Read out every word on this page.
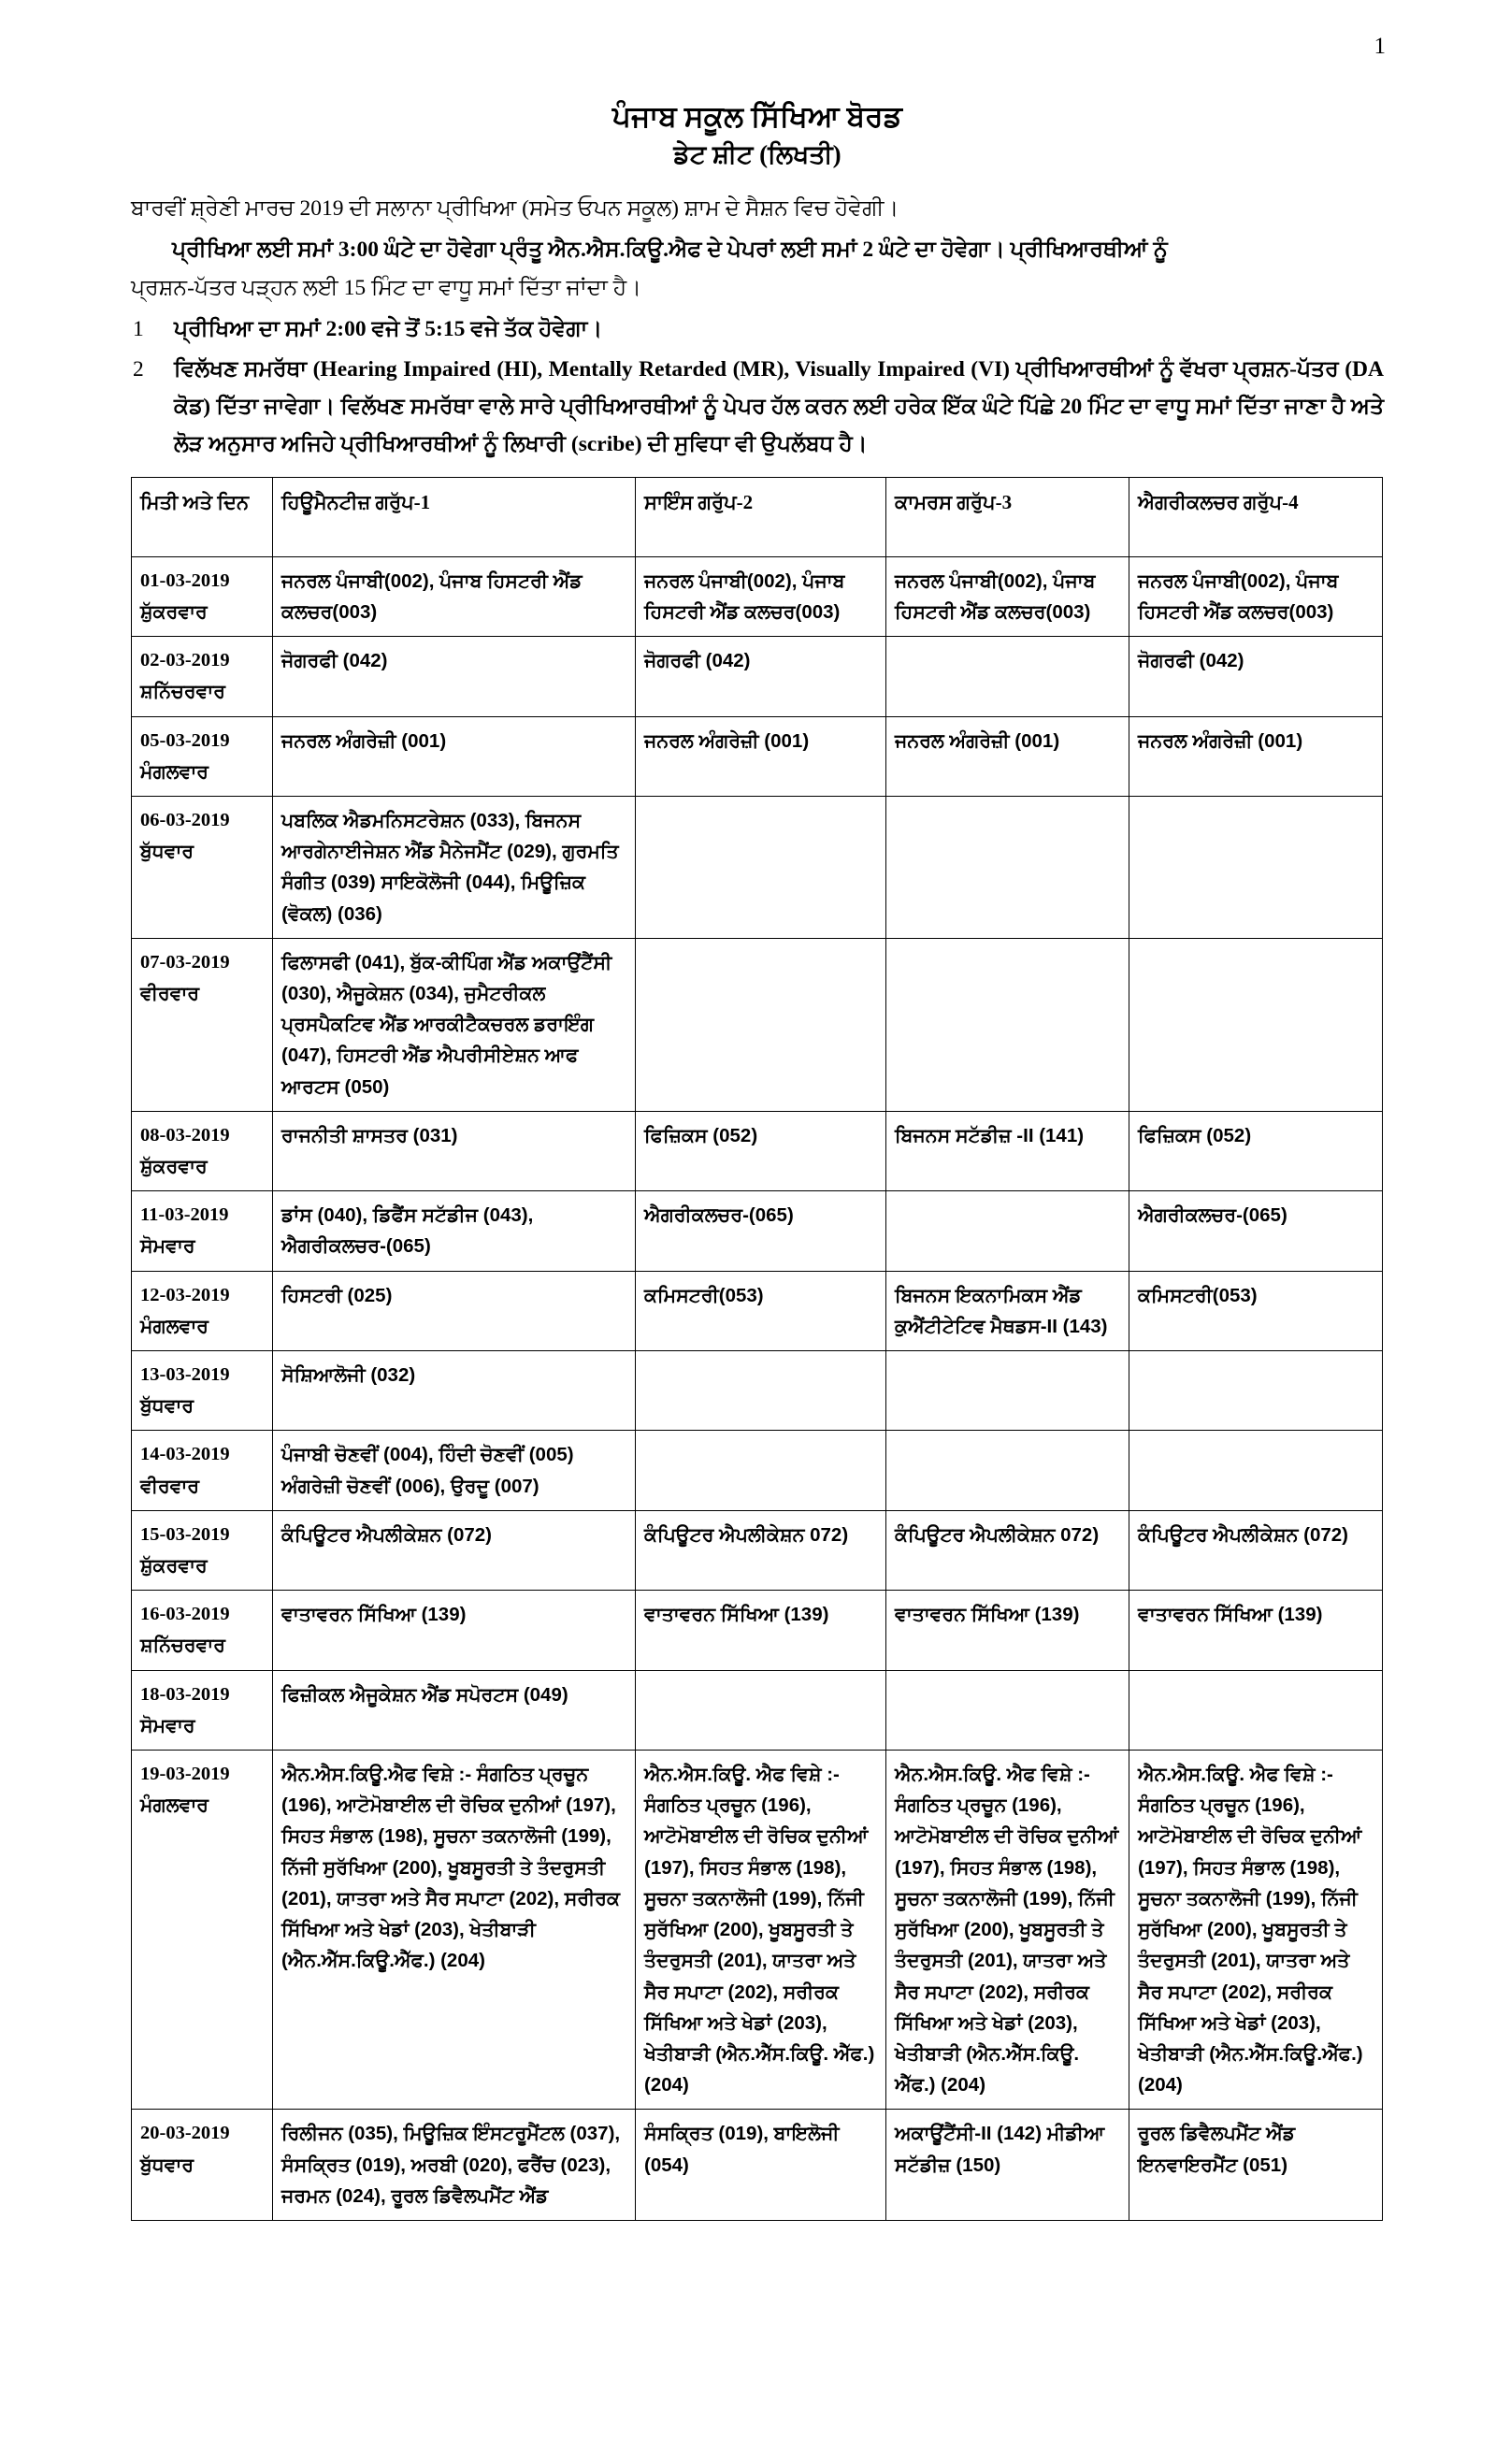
1
ਪੰਜਾਬ ਸਕੂਲ ਸਿੱਖਿਆ ਬੋਰਡ
ਡੇਟ ਸ਼ੀਟ (ਲਿਖਤੀ)

ਬਾਰਵੀਂ ਸ਼੍ਰੇਣੀ ਮਾਰਚ 2019 ਦੀ ਸਲਾਨਾ ਪ੍ਰੀਖਿਆ (ਸਮੇਤ ਓਪਨ ਸਕੂਲ) ਸ਼ਾਮ ਦੇ ਸੈਸ਼ਨ ਵਿਚ ਹੋਵੇਗੀ।

ਪ੍ਰੀਖਿਆ ਲਈ ਸਮਾਂ 3:00 ਘੰਟੇ ਦਾ ਹੋਵੇਗਾ ਪ੍ਰੰਤੂ ਐਨ.ਐਸ.ਕਿਊ.ਐਫ ਦੇ ਪੇਪਰਾਂ ਲਈ ਸਮਾਂ 2 ਘੰਟੇ ਦਾ ਹੋਵੇਗਾ। ਪ੍ਰੀਖਿਆਰਥੀਆਂ ਨੂੰ

ਪ੍ਰਸ਼ਨ-ਪੱਤਰ ਪੜ੍ਹਨ ਲਈ 15 ਮਿੰਟ ਦਾ ਵਾਧੂ ਸਮਾਂ ਦਿੱਤਾ ਜਾਂਦਾ ਹੈ।

1 ਪ੍ਰੀਖਿਆ ਦਾ ਸਮਾਂ 2:00 ਵਜੇ ਤੋਂ 5:15 ਵਜੇ ਤੱਕ ਹੋਵੇਗਾ।
2 ਵਿਲੱਖਣ ਸਮਰੱਥਾ (Hearing Impaired (HI), Mentally Retarded (MR), Visually Impaired (VI) ਪ੍ਰੀਖਿਆਰਥੀਆਂ ਨੂੰ ਵੱਖਰਾ ਪ੍ਰਸ਼ਨ-ਪੱਤਰ (DA ਕੋਡ) ਦਿੱਤਾ ਜਾਵੇਗਾ। ਵਿਲੱਖਣ ਸਮਰੱਥਾ ਵਾਲੇ ਸਾਰੇ ਪ੍ਰੀਖਿਆਰਥੀਆਂ ਨੂੰ ਪੇਪਰ ਹੱਲ ਕਰਨ ਲਈ ਹਰੇਕ ਇੱਕ ਘੰਟੇ ਪਿੱਛੇ 20 ਮਿੰਟ ਦਾ ਵਾਧੂ ਸਮਾਂ ਦਿੱਤਾ ਜਾਣਾ ਹੈ ਅਤੇ ਲੋੜ ਅਨੁਸਾਰ ਅਜਿਹੇ ਪ੍ਰੀਖਿਆਰਥੀਆਂ ਨੂੰ ਲਿਖਾਰੀ (scribe) ਦੀ ਸੁਵਿਧਾ ਵੀ ਉਪਲੱਬਧ ਹੈ।
ਮਿਤੀ ਅਤੇ ਦਿਨ	ਹਿਊਮੈਨਟੀਜ਼ ਗਰੁੱਪ-1	ਸਾਇੰਸ ਗਰੁੱਪ-2	ਕਾਮਰਸ ਗਰੁੱਪ-3	ਐਗਰੀਕਲਚਰ ਗਰੁੱਪ-4
01-03-2019
ਸ਼ੁੱਕਰਵਾਰ	ਜਨਰਲ ਪੰਜਾਬੀ(002), ਪੰਜਾਬ ਹਿਸਟਰੀ ਐਂਡ ਕਲਚਰ(003)	ਜਨਰਲ ਪੰਜਾਬੀ(002), ਪੰਜਾਬ ਹਿਸਟਰੀ ਐਂਡ ਕਲਚਰ(003)	ਜਨਰਲ ਪੰਜਾਬੀ(002), ਪੰਜਾਬ ਹਿਸਟਰੀ ਐਂਡ ਕਲਚਰ(003)	ਜਨਰਲ ਪੰਜਾਬੀ(002), ਪੰਜਾਬ ਹਿਸਟਰੀ ਐਂਡ ਕਲਚਰ(003)
02-03-2019
ਸ਼ਨਿੱਚਰਵਾਰ	ਜੋਗਰਫੀ (042)	ਜੋਗਰਫੀ (042)		ਜੋਗਰਫੀ (042)
05-03-2019
ਮੰਗਲਵਾਰ	ਜਨਰਲ ਅੰਗਰੇਜ਼ੀ (001)	ਜਨਰਲ ਅੰਗਰੇਜ਼ੀ (001)	ਜਨਰਲ ਅੰਗਰੇਜ਼ੀ (001)	ਜਨਰਲ ਅੰਗਰੇਜ਼ੀ (001)
06-03-2019
ਬੁੱਧਵਾਰ	ਪਬਲਿਕ ਐਡਮਨਿਸਟਰੇਸ਼ਨ (033), ਬਿਜਨਸ ਆਰਗੇਨਾਈਜੇਸ਼ਨ ਐਂਡ ਮੈਨੇਜਮੈਂਟ (029), ਗੁਰਮਤਿ ਸੰਗੀਤ (039) ਸਾਇਕੋਲੋਜੀ (044), ਮਿਊਜ਼ਿਕ (ਵੋਕਲ) (036)			
07-03-2019
ਵੀਰਵਾਰ	ਫਿਲਾਸਫੀ (041), ਬੁੱਕ-ਕੀਪਿੰਗ ਐਂਡ ਅਕਾਉਂਟੈਂਸੀ (030), ਐਜੂਕੇਸ਼ਨ (034), ਜੁਮੈਟਰੀਕਲ ਪ੍ਰਸਪੈਕਟਿਵ ਐਂਡ ਆਰਕੀਟੈਕਚਰਲ ਡਰਾਇੰਗ (047), ਹਿਸਟਰੀ ਐਂਡ ਐਪਰੀਸੀਏਸ਼ਨ ਆਫ ਆਰਟਸ (050)			
08-03-2019
ਸ਼ੁੱਕਰਵਾਰ	ਰਾਜਨੀਤੀ ਸ਼ਾਸਤਰ (031)	ਫਿਜ਼ਿਕਸ (052)	ਬਿਜਨਸ ਸਟੱਡੀਜ਼ -II (141)	ਫਿਜ਼ਿਕਸ (052)
11-03-2019
ਸੋਮਵਾਰ	ਡਾਂਸ (040), ਡਿਫੈਂਸ ਸਟੱਡੀਜ (043), ਐਗਰੀਕਲਚਰ-(065)	ਐਗਰੀਕਲਚਰ-(065)		ਐਗਰੀਕਲਚਰ-(065)
12-03-2019
ਮੰਗਲਵਾਰ	ਹਿਸਟਰੀ (025)	ਕਮਿਸਟਰੀ(053)	ਬਿਜਨਸ ਇਕਨਾਮਿਕਸ ਐਂਡ ਕੁਐਂਟੀਟੇਟਿਵ ਮੈਥਡਸ-II (143)	ਕਮਿਸਟਰੀ(053)
13-03-2019
ਬੁੱਧਵਾਰ	ਸੋਸ਼ਿਆਲੋਜੀ (032)			
14-03-2019
ਵੀਰਵਾਰ	ਪੰਜਾਬੀ ਚੋਣਵੀਂ (004), ਹਿੰਦੀ ਚੋਣਵੀਂ (005) ਅੰਗਰੇਜ਼ੀ ਚੋਣਵੀਂ (006), ਉਰਦੂ (007)			
15-03-2019
ਸ਼ੁੱਕਰਵਾਰ	ਕੰਪਿਊਟਰ ਐਪਲੀਕੇਸ਼ਨ (072)	ਕੰਪਿਊਟਰ ਐਪਲੀਕੇਸ਼ਨ 072)	ਕੰਪਿਊਟਰ ਐਪਲੀਕੇਸ਼ਨ 072)	ਕੰਪਿਊਟਰ ਐਪਲੀਕੇਸ਼ਨ (072)
16-03-2019
ਸ਼ਨਿੱਚਰਵਾਰ	ਵਾਤਾਵਰਨ ਸਿੱਖਿਆ (139)	ਵਾਤਾਵਰਨ ਸਿੱਖਿਆ (139)	ਵਾਤਾਵਰਨ ਸਿੱਖਿਆ (139)	ਵਾਤਾਵਰਨ ਸਿੱਖਿਆ (139)
18-03-2019
ਸੋਮਵਾਰ	ਫਿਜ਼ੀਕਲ ਐਜੂਕੇਸ਼ਨ ਐਂਡ ਸਪੋਰਟਸ (049)			
19-03-2019
ਮੰਗਲਵਾਰ
	ਐਨ.ਐਸ.ਕਿਊ.ਐਫ ਵਿਸ਼ੇ :- ਸੰਗਠਿਤ ਪ੍ਰਚੂਨ (196), ਆਟੋਮੋਬਾਈਲ ਦੀ ਰੋਚਿਕ ਦੁਨੀਆਂ (197), ਸਿਹਤ ਸੰਭਾਲ (198), ਸੂਚਨਾ ਤਕਨਾਲੋਜੀ (199), ਨਿੱਜੀ ਸੁਰੱਖਿਆ (200), ਖੂਬਸੂਰਤੀ ਤੇ ਤੰਦਰੁਸਤੀ (201), ਯਾਤਰਾ ਅਤੇ ਸੈਰ ਸਪਾਟਾ (202), ਸਰੀਰਕ ਸਿੱਖਿਆ ਅਤੇ ਖੇਡਾਂ (203), ਖੇਤੀਬਾੜੀ (ਐਨ.ਐੱਸ.ਕਿਊ.ਐੱਫ.) (204)	ਐਨ.ਐਸ.ਕਿਊ. ਐਫ ਵਿਸ਼ੇ :- ਸੰਗਠਿਤ ਪ੍ਰਚੂਨ (196), ਆਟੋਮੋਬਾਈਲ ਦੀ ਰੋਚਿਕ ਦੁਨੀਆਂ (197), ਸਿਹਤ ਸੰਭਾਲ (198), ਸੂਚਨਾ ਤਕਨਾਲੋਜੀ (199), ਨਿੱਜੀ ਸੁਰੱਖਿਆ (200), ਖੂਬਸੂਰਤੀ ਤੇ ਤੰਦਰੁਸਤੀ (201), ਯਾਤਰਾ ਅਤੇ ਸੈਰ ਸਪਾਟਾ (202), ਸਰੀਰਕ ਸਿੱਖਿਆ ਅਤੇ ਖੇਡਾਂ (203), ਖੇਤੀਬਾੜੀ (ਐਨ.ਐੱਸ.ਕਿਊ. ਐੱਫ.) (204)	ਐਨ.ਐਸ.ਕਿਊ. ਐਫ ਵਿਸ਼ੇ :- ਸੰਗਠਿਤ ਪ੍ਰਚੂਨ (196), ਆਟੋਮੋਬਾਈਲ ਦੀ ਰੋਚਿਕ ਦੁਨੀਆਂ (197), ਸਿਹਤ ਸੰਭਾਲ (198), ਸੂਚਨਾ ਤਕਨਾਲੋਜੀ (199), ਨਿੱਜੀ ਸੁਰੱਖਿਆ (200), ਖੂਬਸੂਰਤੀ ਤੇ ਤੰਦਰੁਸਤੀ (201), ਯਾਤਰਾ ਅਤੇ ਸੈਰ ਸਪਾਟਾ (202), ਸਰੀਰਕ ਸਿੱਖਿਆ ਅਤੇ ਖੇਡਾਂ (203), ਖੇਤੀਬਾੜੀ (ਐਨ.ਐੱਸ.ਕਿਊ. ਐੱਫ.) (204)	ਐਨ.ਐਸ.ਕਿਊ. ਐਫ ਵਿਸ਼ੇ :- ਸੰਗਠਿਤ ਪ੍ਰਚੂਨ (196), ਆਟੋਮੋਬਾਈਲ ਦੀ ਰੋਚਿਕ ਦੁਨੀਆਂ (197), ਸਿਹਤ ਸੰਭਾਲ (198), ਸੂਚਨਾ ਤਕਨਾਲੋਜੀ (199), ਨਿੱਜੀ ਸੁਰੱਖਿਆ (200), ਖੂਬਸੂਰਤੀ ਤੇ ਤੰਦਰੁਸਤੀ (201), ਯਾਤਰਾ ਅਤੇ ਸੈਰ ਸਪਾਟਾ (202), ਸਰੀਰਕ ਸਿੱਖਿਆ ਅਤੇ ਖੇਡਾਂ (203), ਖੇਤੀਬਾੜੀ (ਐਨ.ਐੱਸ.ਕਿਊ.ਐੱਫ.) (204)
20-03-2019
ਬੁੱਧਵਾਰ	ਰਿਲੀਜਨ (035), ਮਿਊਜ਼ਿਕ ਇੰਸਟਰੂਮੈਂਟਲ (037), ਸੰਸਕ੍ਰਿਤ (019), ਅਰਬੀ (020), ਫਰੈਂਚ (023), ਜਰਮਨ (024), ਰੂਰਲ ਡਿਵੈਲਪਮੈਂਟ ਐਂਡ	ਸੰਸਕ੍ਰਿਤ (019), ਬਾਇਲੋਜੀ (054)	ਅਕਾਊਂਟੈਂਸੀ-II (142) ਮੀਡੀਆ ਸਟੱਡੀਜ਼ (150)	ਰੂਰਲ ਡਿਵੈਲਪਮੈਂਟ ਐਂਡ ਇਨਵਾਇਰਮੈਂਟ (051)
